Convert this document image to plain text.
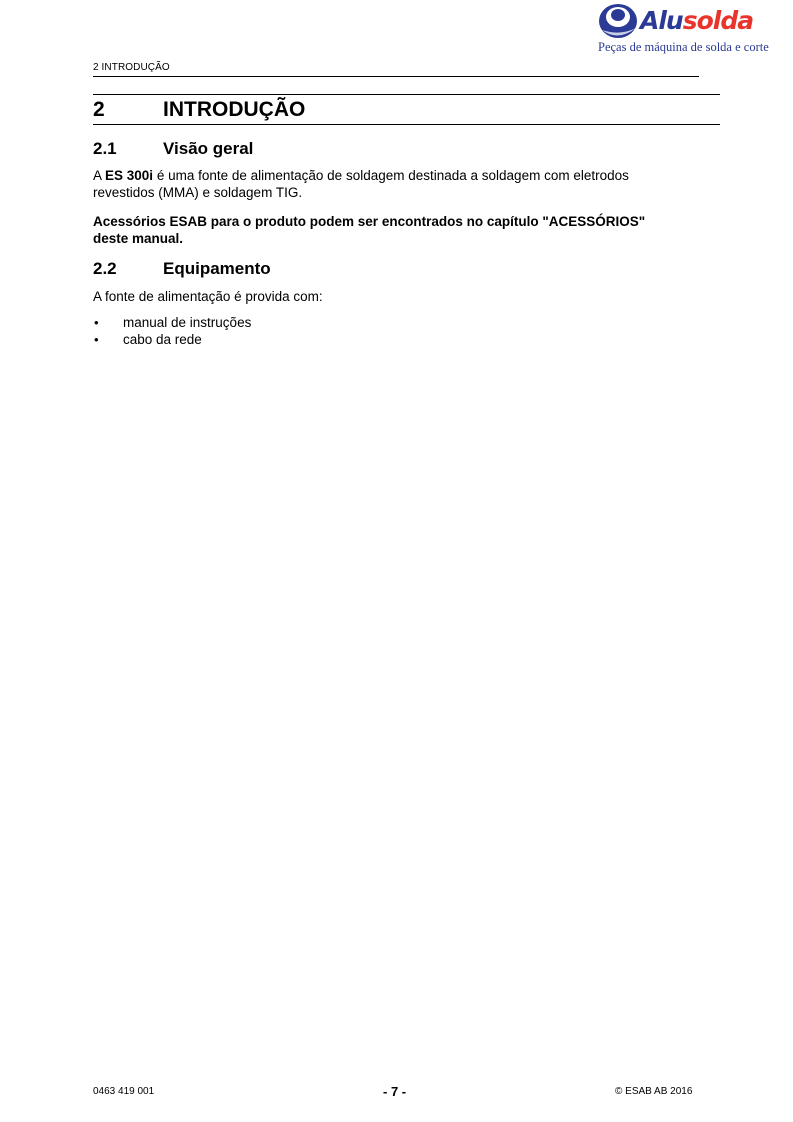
Alusolda
Peças de máquina de solda e corte
2 INTRODUÇÃO
2	INTRODUÇÃO
2.1	Visão geral
A ES 300i é uma fonte de alimentação de soldagem destinada a soldagem com eletrodos
revestidos (MMA) e soldagem TIG.
Acessórios ESAB para o produto podem ser encontrados no capítulo "ACESSÓRIOS"
deste manual.
2.2	Equipamento
A fonte de alimentação é provida com:
• manual de instruções
• cabo da rede
0463 419 001	- 7 -	© ESAB AB 2016
